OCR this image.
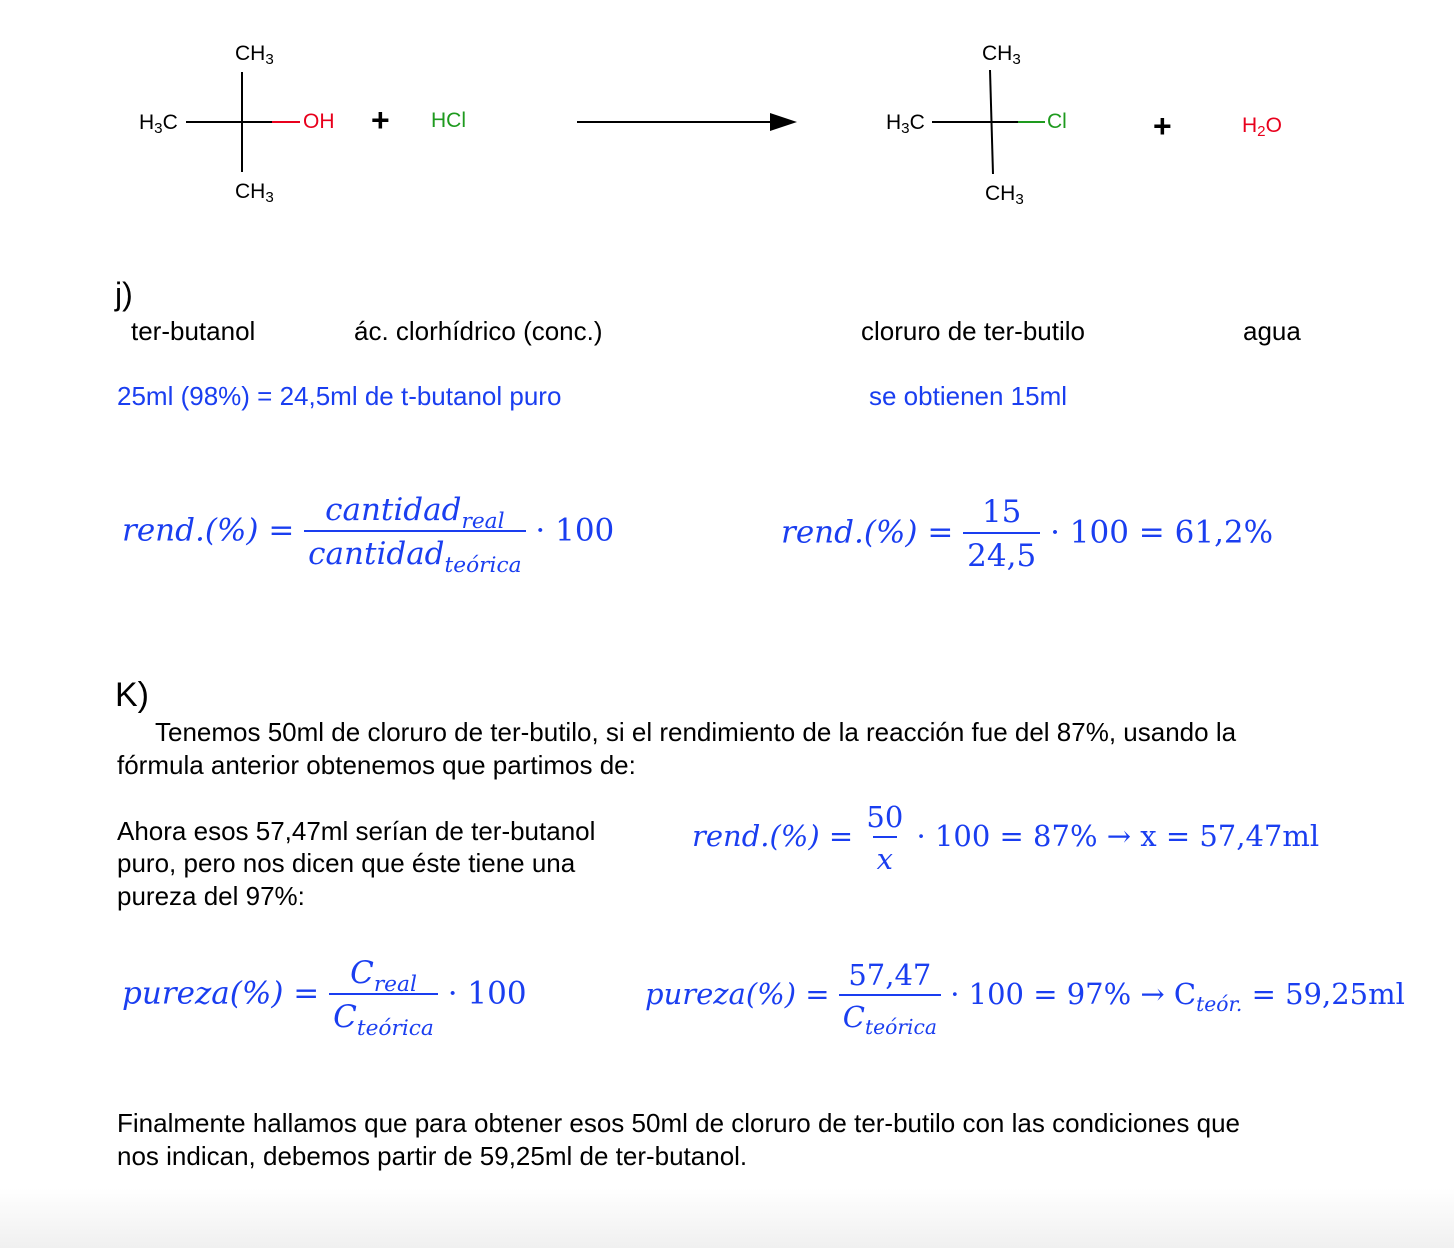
$CH_3$
$H_3C$	OH
$CH_3$
+ HCl
$CH_3$
$H_3C$	Cl
$CH_3$
+	$H_2O$
j)
ter-butanol	ác. clorhídrico (conc.)	cloruro de ter-butilo	agua
25ml (98%) = 24,5ml de t-butanol puro	se obtienen 15ml
rend.(%) = $\frac{cantidad_{real}}{cantidad_{teórica}} \cdot 100$	rend.(%) = $\frac{15}{24,5} \cdot 100 = 61,2\%$
K)
Tenemos 50ml de cloruro de ter-butilo, si el rendimiento de la reacción fue del 87%, usando la
fórmula anterior obtenemos que partimos de:
Ahora esos 57,47ml serían de ter-butanol
puro, pero nos dicen que éste tiene una
pureza del 97%:
rend.(%) = $\frac{50}{x} \cdot 100 = 87\% \to x = 57,47ml$
pureza(%) = $\frac{C_{real}}{C_{teórica}} \cdot 100$	pureza(%) = $\frac{57,47}{C_{teórica}} \cdot 100 = 97\% \to C_{teór.} = 59,25ml$
Finalmente hallamos que para obtener esos 50ml de cloruro de ter-butilo con las condiciones que
nos indican, debemos partir de 59,25ml de ter-butanol.
